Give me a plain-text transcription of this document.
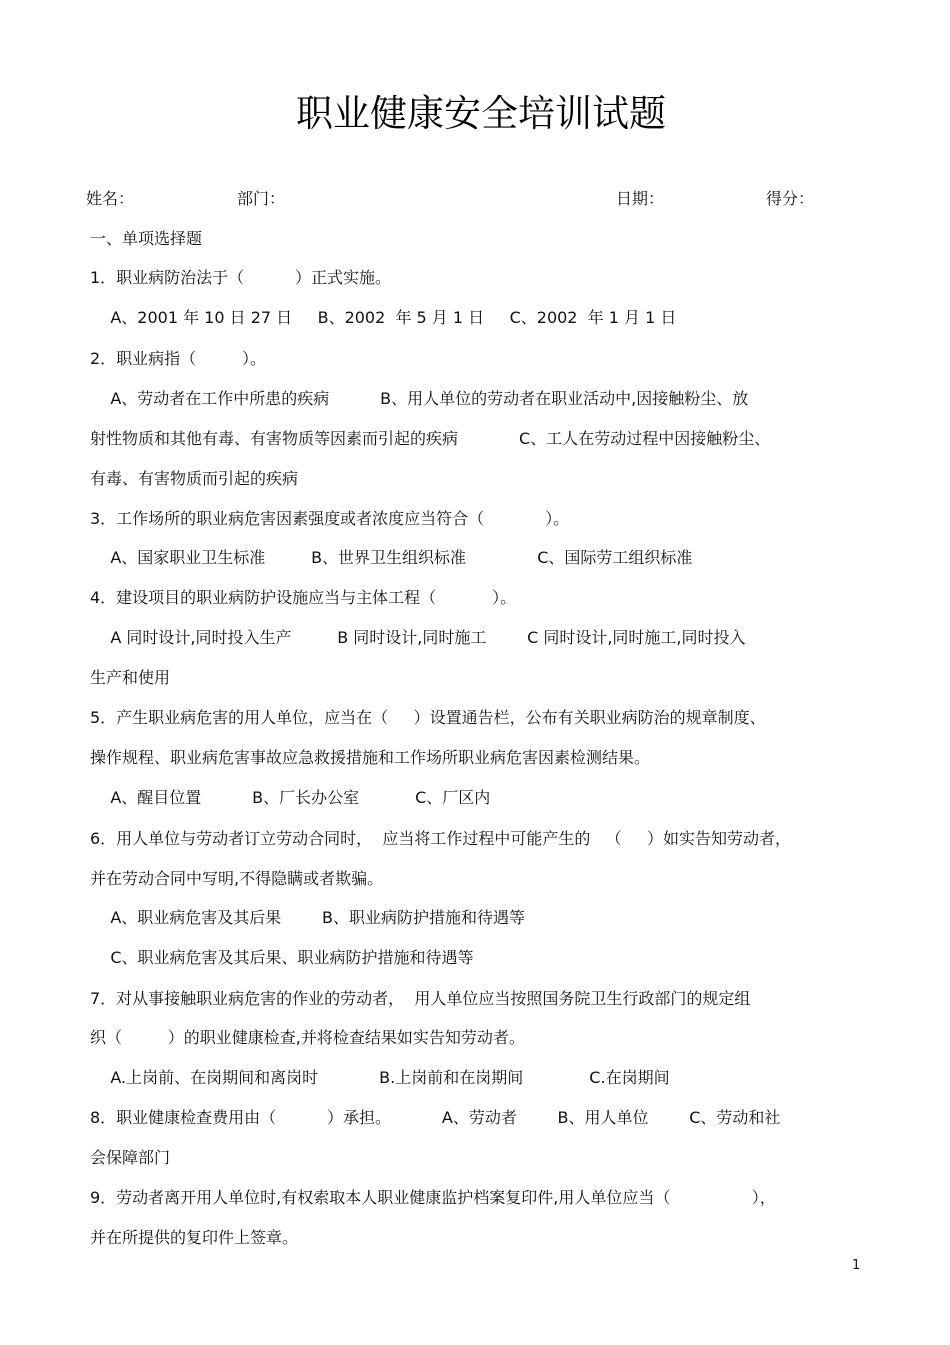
职业健康安全培训试题

姓名：

	部门：

	日期：

	得分：

一、单项选择题
1．职业病防治法于（          ）正式实施。
A、2001 年 10 日 27 日     B、2002  年 5 月 1 日     C、2002  年 1 月 1 日
2．职业病指（         ）。
A、劳动者在工作中所患的疾病          B、用人单位的劳动者在职业活动中,因接触粉尘、放
射性物质和其他有毒、有害物质等因素而引起的疾病            C、工人在劳动过程中因接触粉尘、
有毒、有害物质而引起的疾病
3．工作场所的职业病危害因素强度或者浓度应当符合（            ）。
A、国家职业卫生标准         B、世界卫生组织标准              C、国际劳工组织标准
4．建设项目的职业病防护设施应当与主体工程（           ）。
A 同时设计,同时投入生产         B 同时设计,同时施工        C 同时设计,同时施工,同时投入
生产和使用
5．产生职业病危害的用人单位，应当在（     ）设置通告栏，公布有关职业病防治的规章制度、
操作规程、职业病危害事故应急救援措施和工作场所职业病危害因素检测结果。
A、醒目位置          B、厂长办公室           C、厂区内
6．用人单位与劳动者订立劳动合同时，  应当将工作过程中可能产生的   （     ）如实告知劳动者，
并在劳动合同中写明,不得隐瞒或者欺骗。
A、职业病危害及其后果        B、职业病防护措施和待遇等
C、职业病危害及其后果、职业病防护措施和待遇等
7．对从事接触职业病危害的作业的劳动者，  用人单位应当按照国务院卫生行政部门的规定组
织（         ）的职业健康检查,并将检查结果如实告知劳动者。
A.上岗前、在岗期间和离岗时            B.上岗前和在岗期间             C.在岗期间
8．职业健康检查费用由（          ）承担。          A、劳动者        B、用人单位        C、劳动和社
会保障部门
9．劳动者离开用人单位时,有权索取本人职业健康监护档案复印件,用人单位应当（                ），
并在所提供的复印件上签章。
1
